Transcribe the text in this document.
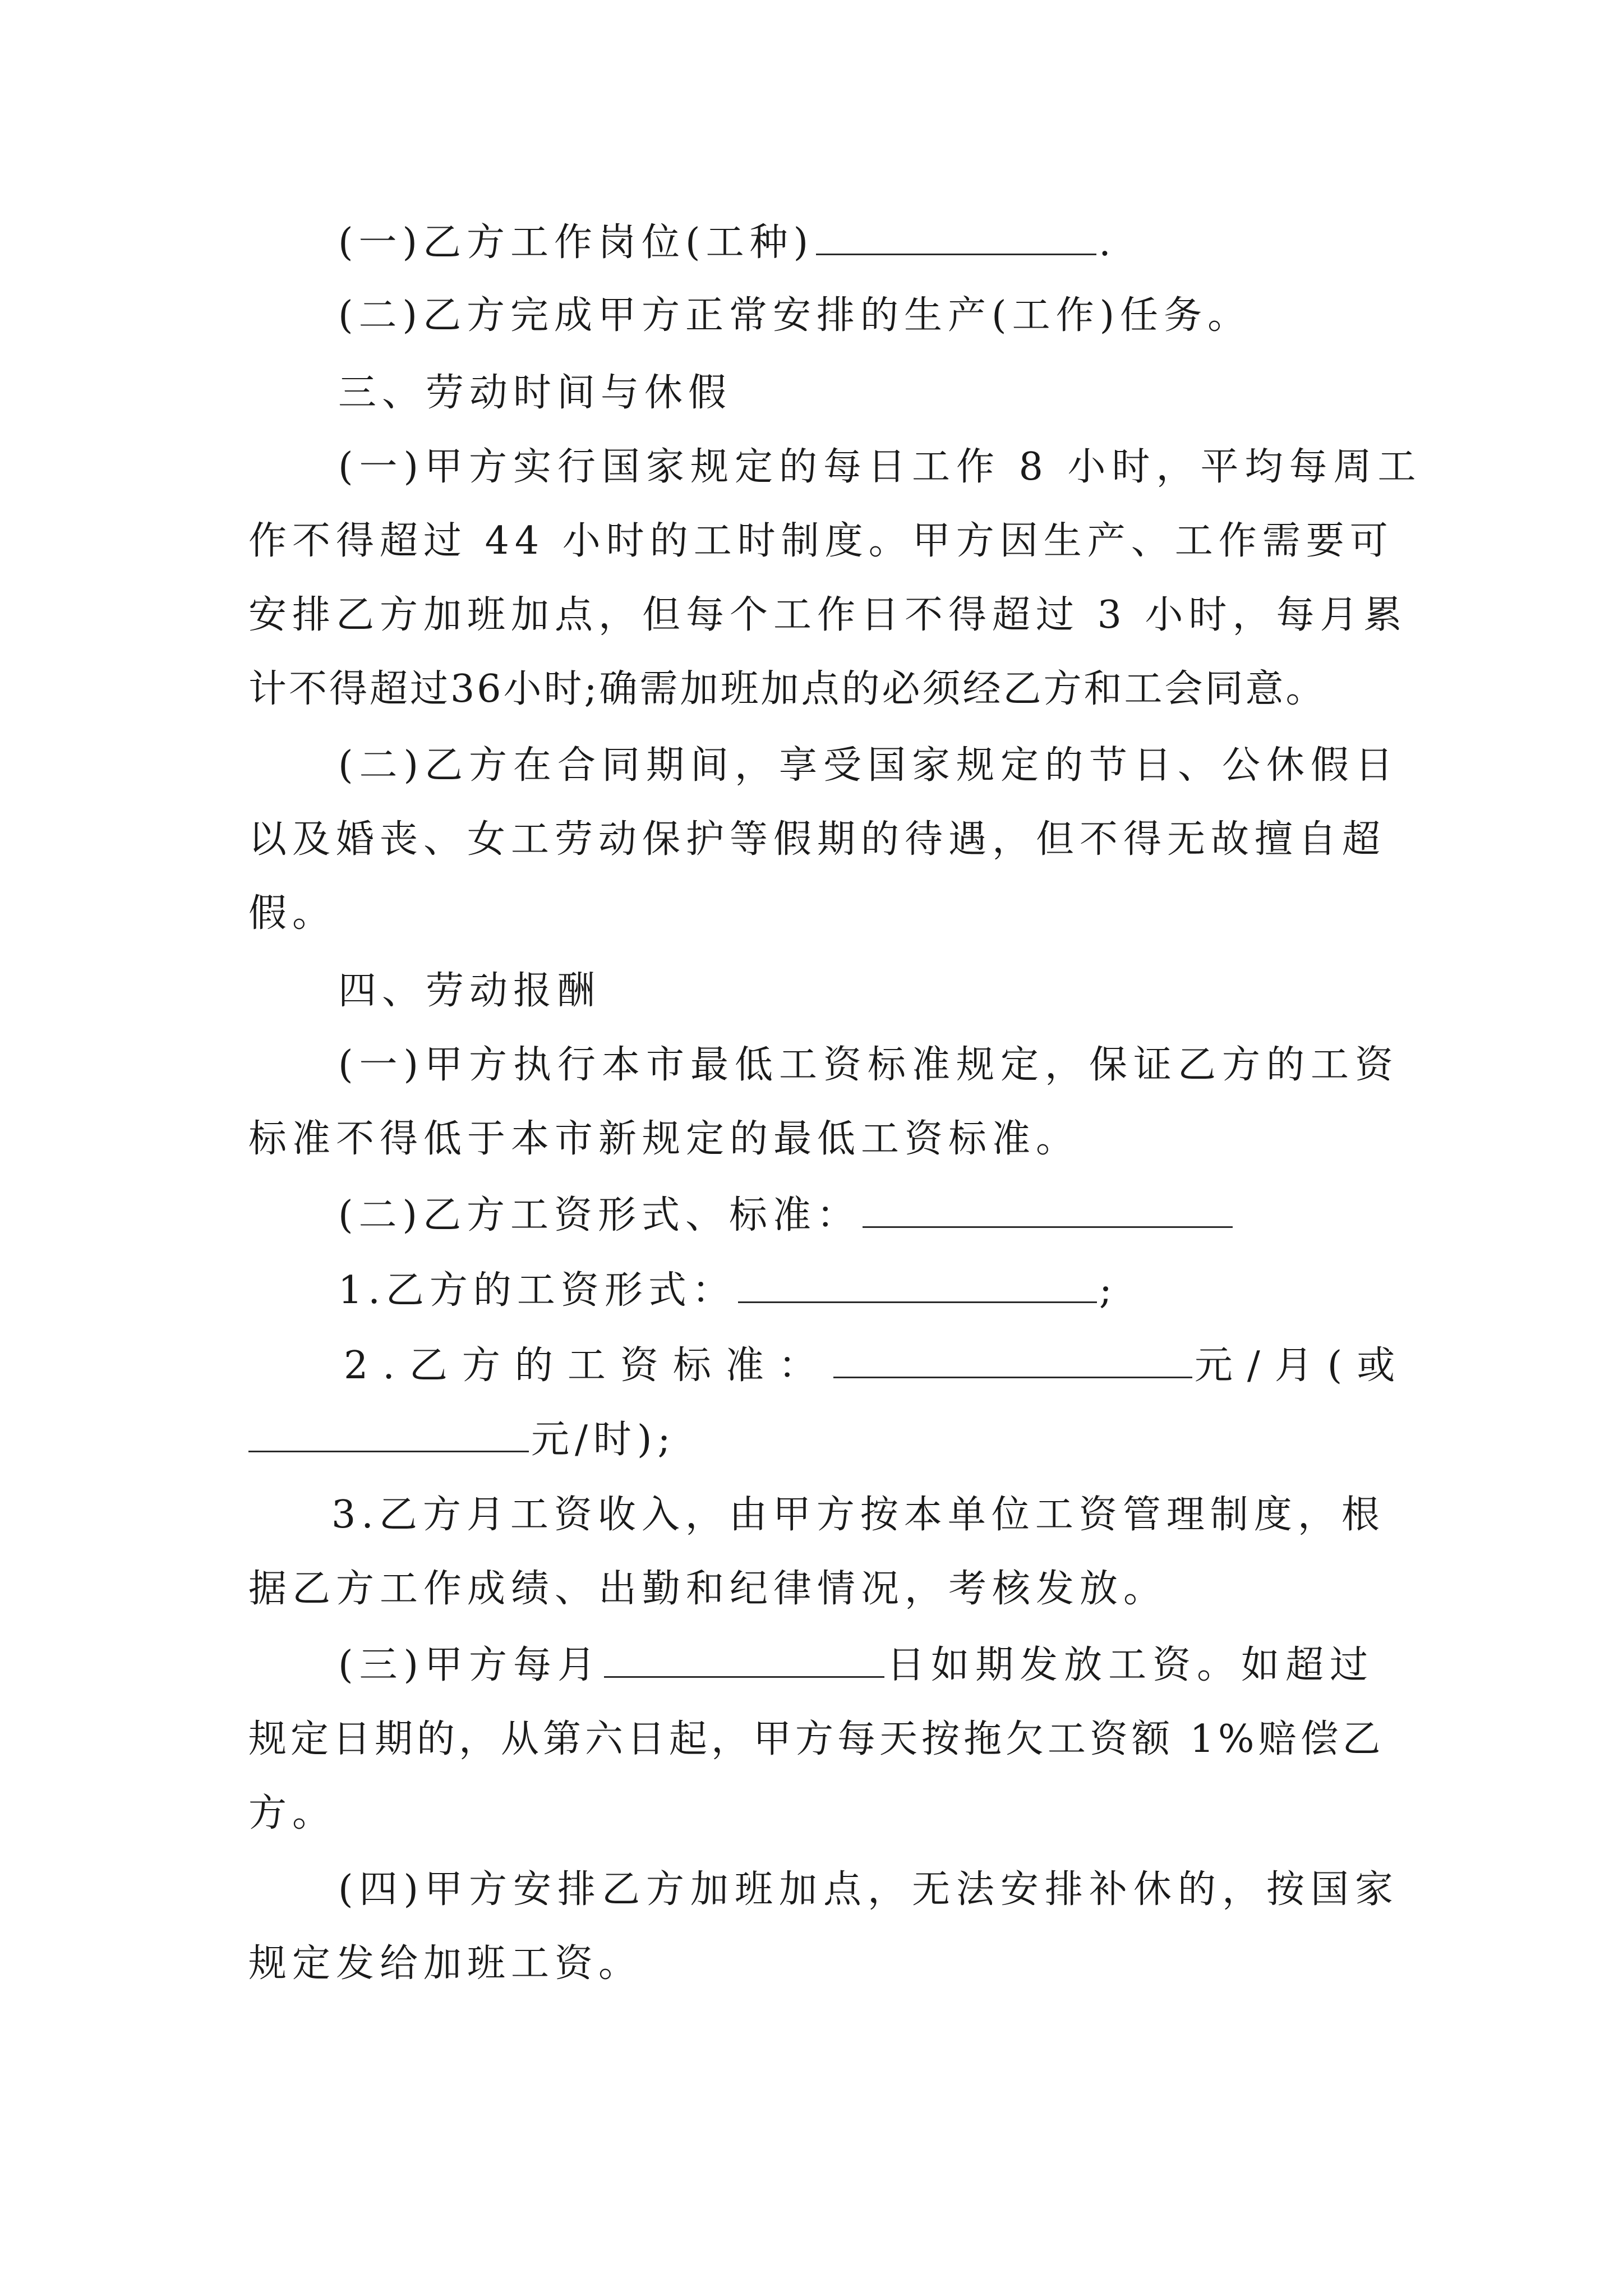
(一)乙方工作岗位(工种)	.
(二)乙方完成甲方正常安排的生产(工作)任务。
三、劳动时间与休假
(一)甲方实行国家规定的每日工作 8 小时，平均每周工
作不得超过 44 小时的工时制度。甲方因生产、工作需要可
安排乙方加班加点，但每个工作日不得超过 3 小时，每月累
计不得超过36小时;确需加班加点的必须经乙方和工会同意。
(二)乙方在合同期间，享受国家规定的节日、公休假日
以及婚丧、女工劳动保护等假期的待遇，但不得无故擅自超
假。
四、劳动报酬
(一)甲方执行本市最低工资标准规定，保证乙方的工资
标准不得低于本市新规定的最低工资标准。
(二)乙方工资形式、标准：
1.乙方的工资形式：	;
2.乙方的工资标准：	元/月(或
元/时);
3.乙方月工资收入，由甲方按本单位工资管理制度，根
据乙方工作成绩、出勤和纪律情况，考核发放。
(三)甲方每月	日如期发放工资。如超过
规定日期的，从第六日起，甲方每天按拖欠工资额 1%赔偿乙
方。
(四)甲方安排乙方加班加点，无法安排补休的，按国家
规定发给加班工资。
